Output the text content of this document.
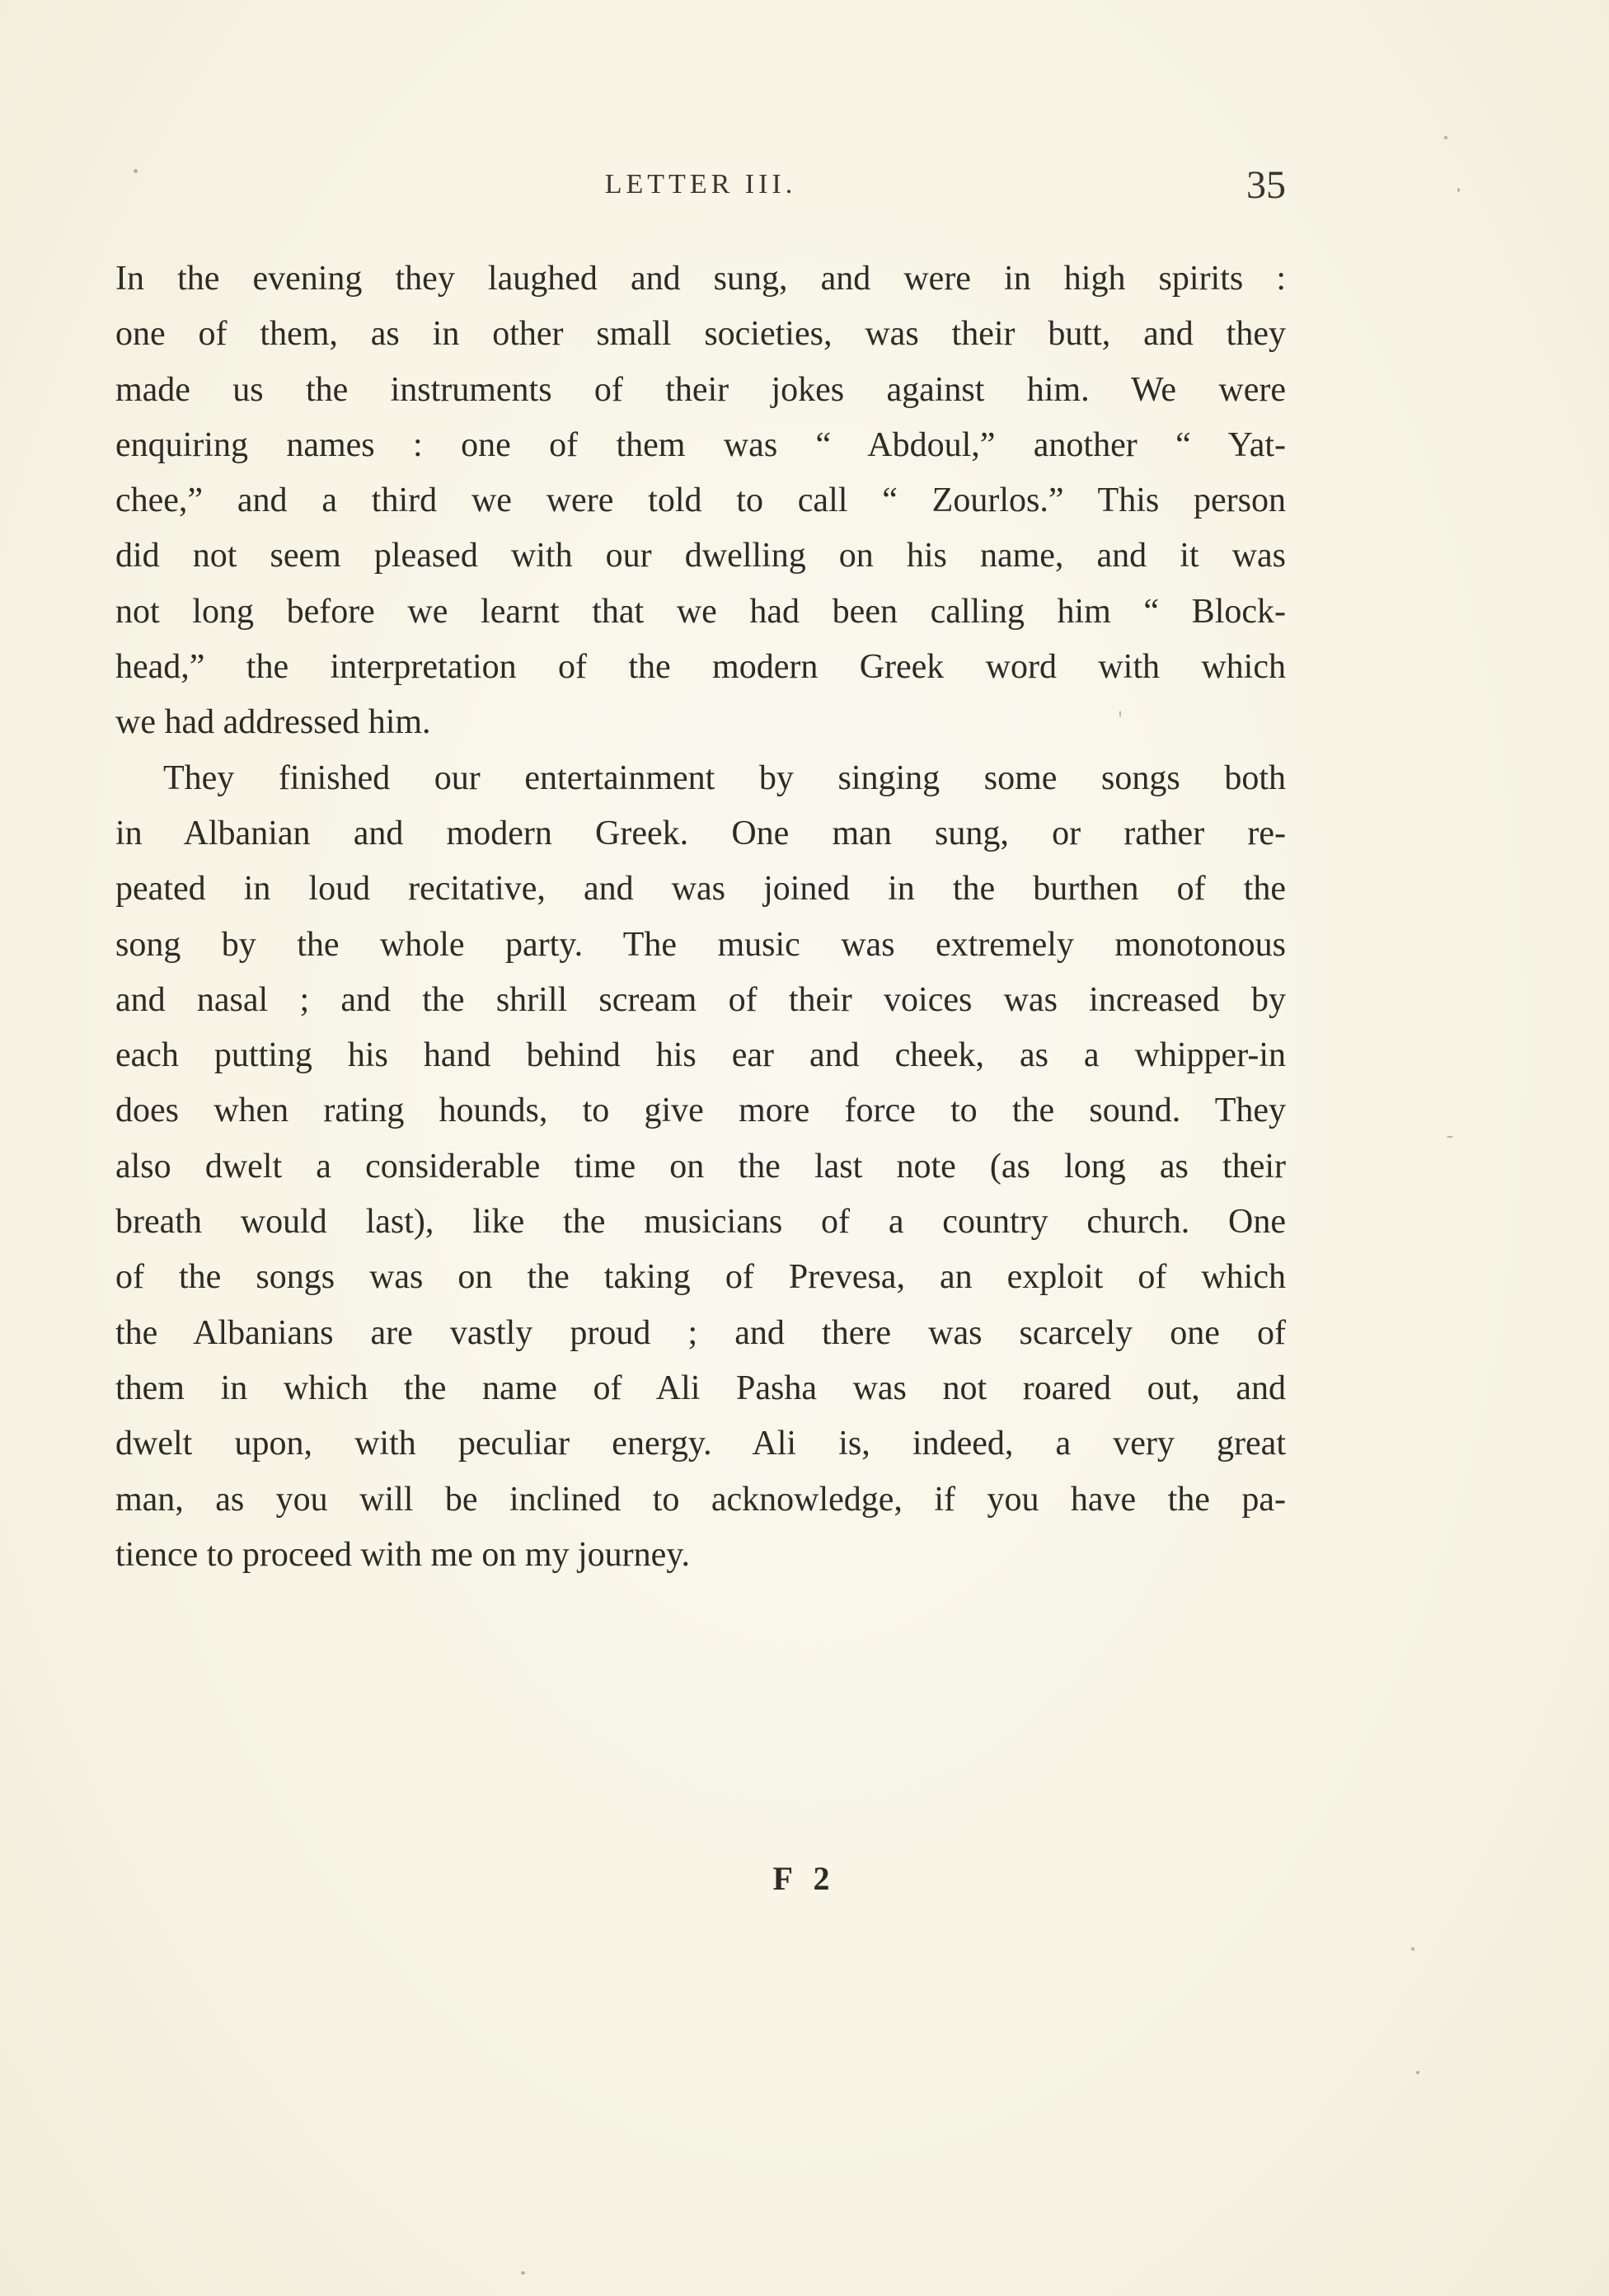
LETTER III.	35
In the evening they laughed and sung, and were in high spirits :
one of them, as in other small societies, was their butt, and they
made us the instruments of their jokes against him. We were
enquiring names : one of them was “ Abdoul,” another “ Yat-
chee,” and a third we were told to call “ Zourlos.” This person
did not seem pleased with our dwelling on his name, and it was
not long before we learnt that we had been calling him “ Block-
head,” the interpretation of the modern Greek word with which
we had addressed him.
They finished our entertainment by singing some songs both
in Albanian and modern Greek. One man sung, or rather re-
peated in loud recitative, and was joined in the burthen of the
song by the whole party. The music was extremely monotonous
and nasal ; and the shrill scream of their voices was increased by
each putting his hand behind his ear and cheek, as a whipper-in
does when rating hounds, to give more force to the sound. They
also dwelt a considerable time on the last note (as long as their
breath would last), like the musicians of a country church. One
of the songs was on the taking of Prevesa, an exploit of which
the Albanians are vastly proud ; and there was scarcely one of
them in which the name of Ali Pasha was not roared out, and
dwelt upon, with peculiar energy. Ali is, indeed, a very great
man, as you will be inclined to acknowledge, if you have the pa-
tience to proceed with me on my journey.
F 2
